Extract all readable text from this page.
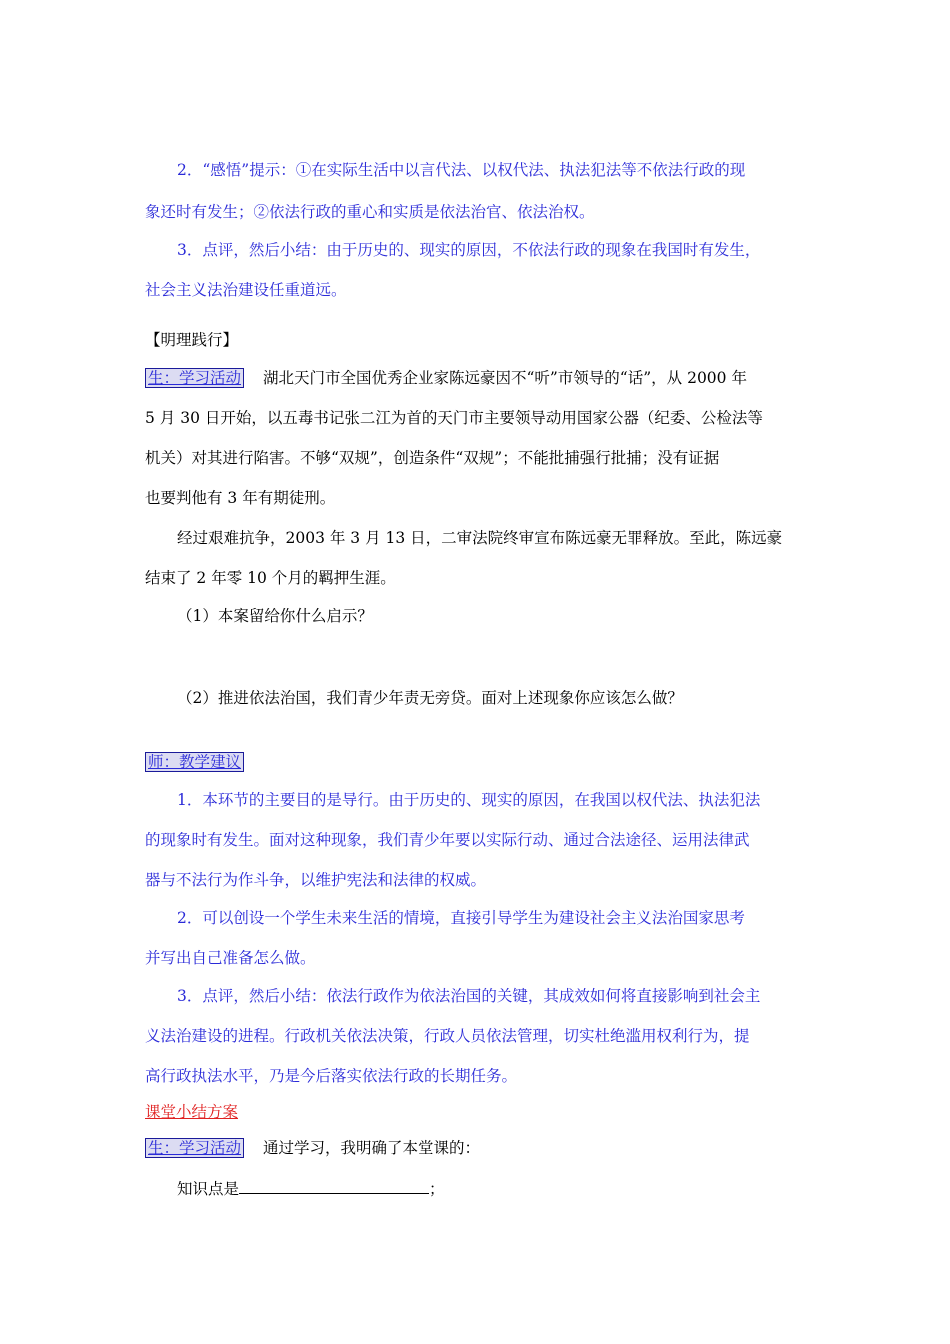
2．“感悟”提示：①在实际生活中以言代法、以权代法、执法犯法等不依法行政的现
象还时有发生；②依法行政的重心和实质是依法治官、依法治权。
3．点评，然后小结：由于历史的、现实的原因，不依法行政的现象在我国时有发生，
社会主义法治建设任重道远。
【明理践行】
生：学习活动 湖北天门市全国优秀企业家陈远豪因不“听”市领导的“话”，从 2000 年
5 月 30 日开始，以五毒书记张二江为首的天门市主要领导动用国家公器（纪委、公检法等
机关）对其进行陷害。不够“双规”，创造条件“双规”；不能批捕强行批捕；没有证据
也要判他有 3 年有期徒刑。
经过艰难抗争，2003 年 3 月 13 日，二审法院终审宣布陈远豪无罪释放。至此，陈远豪
结束了 2 年零 10 个月的羁押生涯。
（1）本案留给你什么启示？
（2）推进依法治国，我们青少年责无旁贷。面对上述现象你应该怎么做？
师：教学建议
1．本环节的主要目的是导行。由于历史的、现实的原因，在我国以权代法、执法犯法
的现象时有发生。面对这种现象，我们青少年要以实际行动、通过合法途径、运用法律武
器与不法行为作斗争，以维护宪法和法律的权威。
2．可以创设一个学生未来生活的情境，直接引导学生为建设社会主义法治国家思考
并写出自己准备怎么做。
3．点评，然后小结：依法行政作为依法治国的关键，其成效如何将直接影响到社会主
义法治建设的进程。行政机关依法决策，行政人员依法管理，切实杜绝滥用权利行为，提
高行政执法水平，乃是今后落实依法行政的长期任务。
课堂小结方案
生：学习活动 通过学习，我明确了本堂课的：
知识点是	；
